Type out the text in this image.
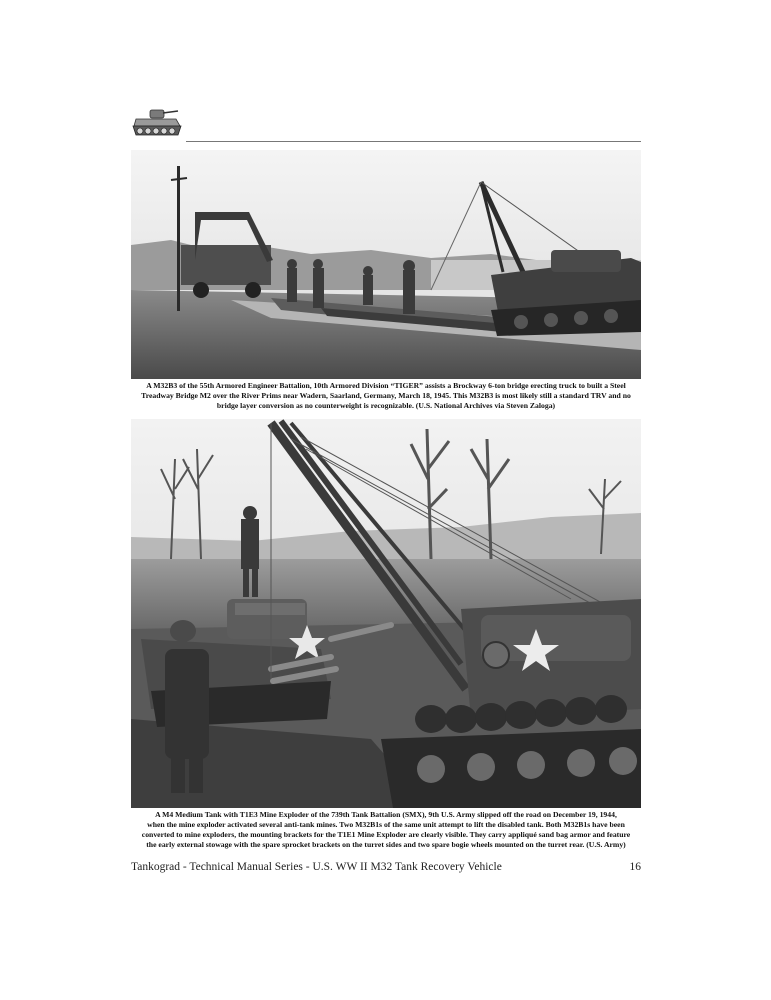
A M32B3 of the 55th Armored Engineer Battalion, 10th Armored Division “TIGER” assists a Brockway 6-ton bridge erecting truck to built a Steel
Treadway Bridge M2 over the River Prims near Wadern, Saarland, Germany, March 18, 1945. This M32B3 is most likely still a standard TRV and no
bridge layer conversion as no counterweight is recognizable. (U.S. National Archives via Steven Zaloga)
A M4 Medium Tank with T1E3 Mine Exploder of the 739th Tank Battalion (SMX), 9th U.S. Army slipped off the road on December 19, 1944,
when the mine exploder activated several anti-tank mines. Two M32B1s of the same unit attempt to lift the disabled tank. Both M32B1s have been
converted to mine exploders, the mounting brackets for the T1E1 Mine Exploder are clearly visible. They carry appliqué sand bag armor and feature
the early external stowage with the spare sprocket brackets on the turret sides and two spare bogie wheels mounted on the turret rear. (U.S. Army)
Tankograd - Technical Manual Series - U.S. WW II M32 Tank Recovery Vehicle	16
